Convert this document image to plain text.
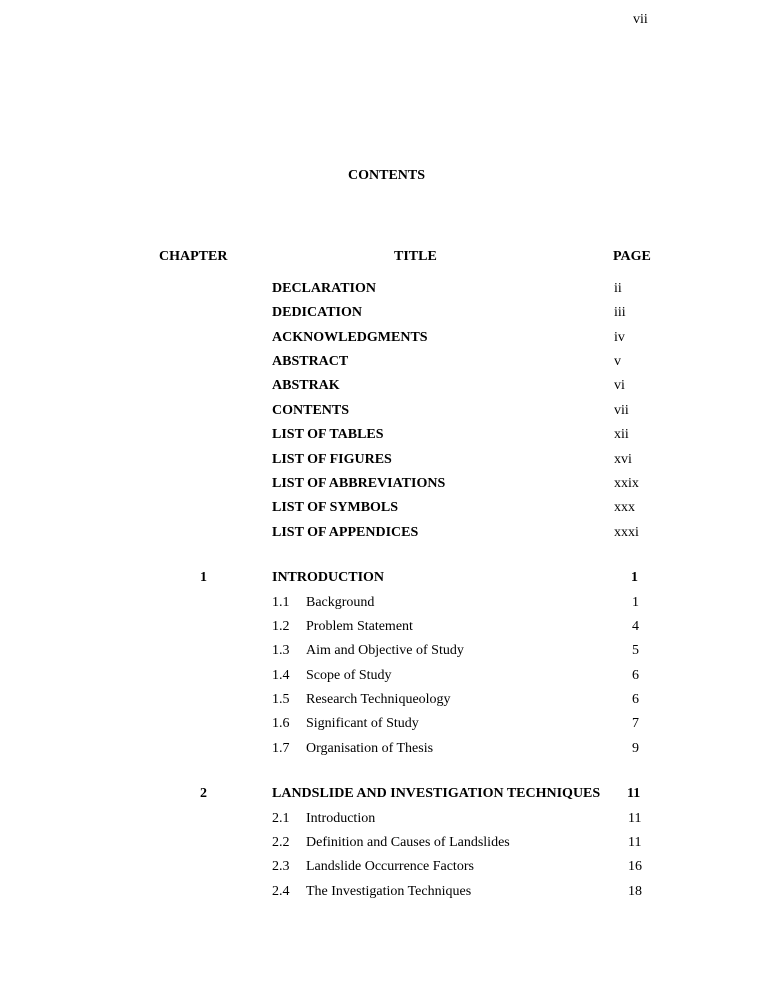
vii
CONTENTS
CHAPTER	TITLE	PAGE
DECLARATION	ii
DEDICATION	iii
ACKNOWLEDGMENTS	iv
ABSTRACT	v
ABSTRAK	vi
CONTENTS	vii
LIST OF TABLES	xii
LIST OF FIGURES	xvi
LIST OF ABBREVIATIONS	xxix
LIST OF SYMBOLS	xxx
LIST OF APPENDICES	xxxi
1	INTRODUCTION	1
1.1 Background	1
1.2 Problem Statement	4
1.3 Aim and Objective of Study	5
1.4 Scope of Study	6
1.5 Research Techniqueology	6
1.6 Significant of Study	7
1.7 Organisation of Thesis	9
2	LANDSLIDE AND INVESTIGATION TECHNIQUES 11
2.1 Introduction	11
2.2 Definition and Causes of Landslides	11
2.3 Landslide Occurrence Factors	16
2.4 The Investigation Techniques	18
